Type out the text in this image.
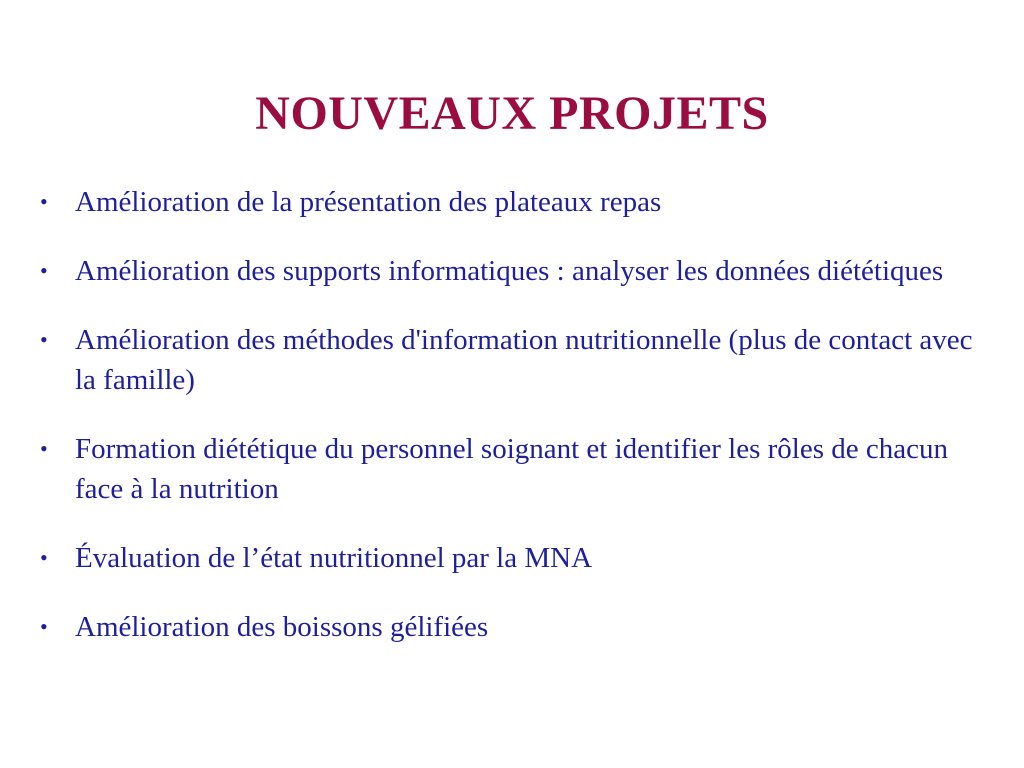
NOUVEAUX PROJETS
• Amélioration de la présentation des plateaux repas
• Amélioration des supports informatiques : analyser les données diététiques
• Amélioration des méthodes d'information nutritionnelle (plus de contact avec la famille)
• Formation diététique du personnel soignant et identifier les rôles de chacun face à la nutrition
• Évaluation de l’état nutritionnel par la MNA
• Amélioration des boissons gélifiées
